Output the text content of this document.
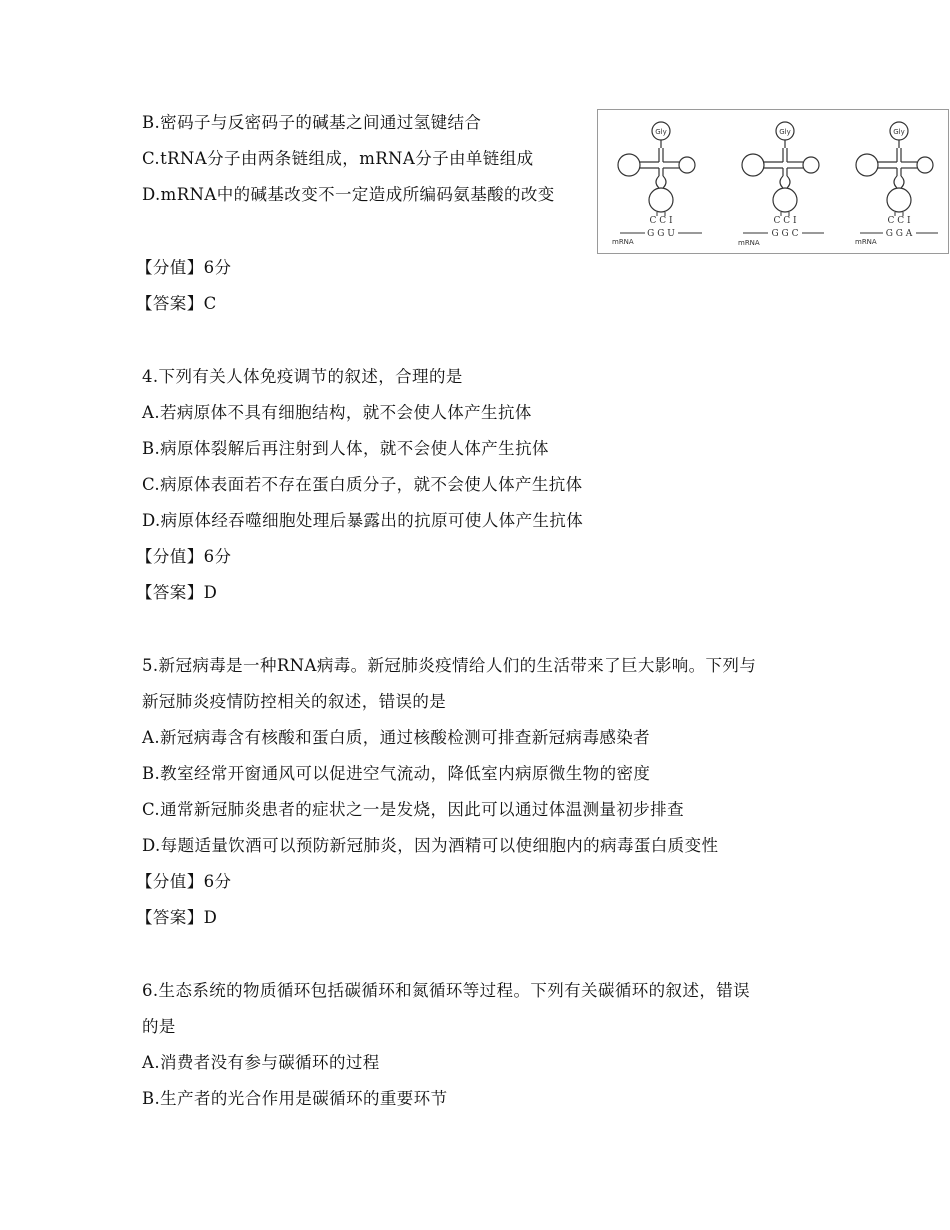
B.密码子与反密码子的碱基之间通过氢键结合
C.tRNA分子由两条链组成，mRNA分子由单链组成
D.mRNA中的碱基改变不一定造成所编码氨基酸的改变
Gly
C C I
G G U
mRNA
Gly
C C I
G G C
mRNA
Gly
C C I
G G A
mRNA
【分值】6分
【答案】C
4.下列有关人体免疫调节的叙述，合理的是
A.若病原体不具有细胞结构，就不会使人体产生抗体
B.病原体裂解后再注射到人体，就不会使人体产生抗体
C.病原体表面若不存在蛋白质分子，就不会使人体产生抗体
D.病原体经吞噬细胞处理后暴露出的抗原可使人体产生抗体
【分值】6分
【答案】D
5.新冠病毒是一种RNA病毒。新冠肺炎疫情给人们的生活带来了巨大影响。下列与
新冠肺炎疫情防控相关的叙述，错误的是
A.新冠病毒含有核酸和蛋白质，通过核酸检测可排查新冠病毒感染者
B.教室经常开窗通风可以促进空气流动，降低室内病原微生物的密度
C.通常新冠肺炎患者的症状之一是发烧，因此可以通过体温测量初步排查
D.每题适量饮酒可以预防新冠肺炎，因为酒精可以使细胞内的病毒蛋白质变性
【分值】6分
【答案】D
6.生态系统的物质循环包括碳循环和氮循环等过程。下列有关碳循环的叙述，错误
的是
A.消费者没有参与碳循环的过程
B.生产者的光合作用是碳循环的重要环节
